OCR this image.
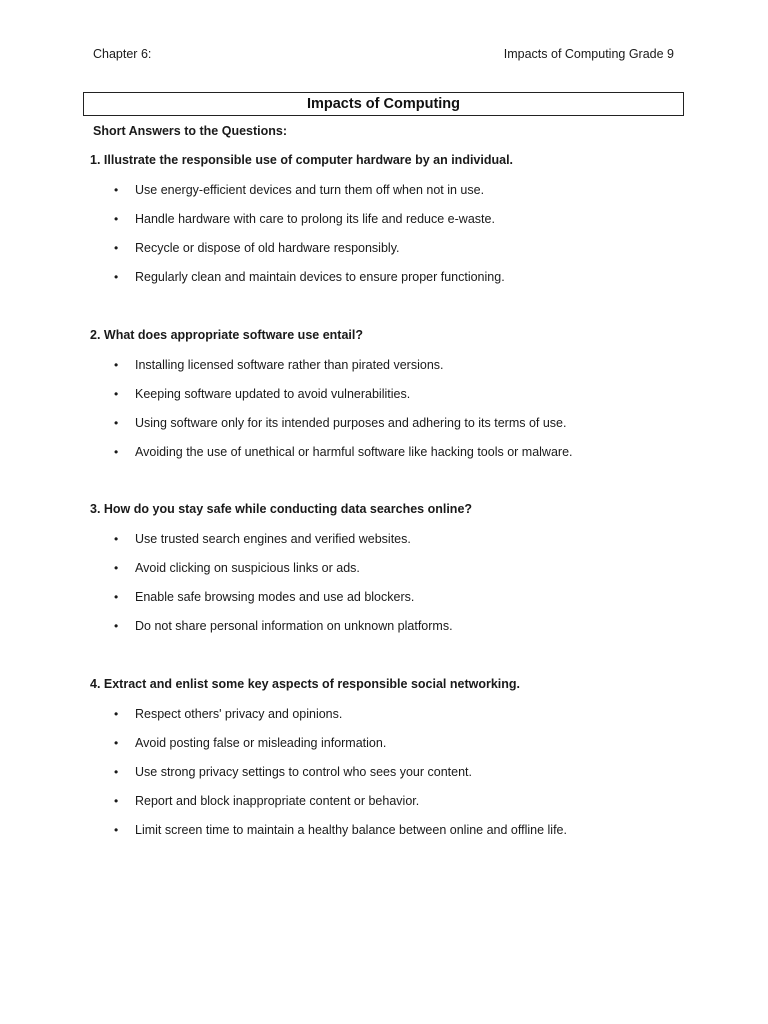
Chapter 6:	Impacts of Computing Grade 9
Impacts of Computing
Short Answers to the Questions:

1. Illustrate the responsible use of computer hardware by an individual.

• Use energy-efficient devices and turn them off when not in use.
• Handle hardware with care to prolong its life and reduce e-waste.
• Recycle or dispose of old hardware responsibly.
• Regularly clean and maintain devices to ensure proper functioning.

2. What does appropriate software use entail?

• Installing licensed software rather than pirated versions.
• Keeping software updated to avoid vulnerabilities.
• Using software only for its intended purposes and adhering to its terms of use.
• Avoiding the use of unethical or harmful software like hacking tools or malware.

3. How do you stay safe while conducting data searches online?

• Use trusted search engines and verified websites.
• Avoid clicking on suspicious links or ads.
• Enable safe browsing modes and use ad blockers.
• Do not share personal information on unknown platforms.

4. Extract and enlist some key aspects of responsible social networking.

• Respect others' privacy and opinions.
• Avoid posting false or misleading information.
• Use strong privacy settings to control who sees your content.
• Report and block inappropriate content or behavior.
• Limit screen time to maintain a healthy balance between online and offline life.
